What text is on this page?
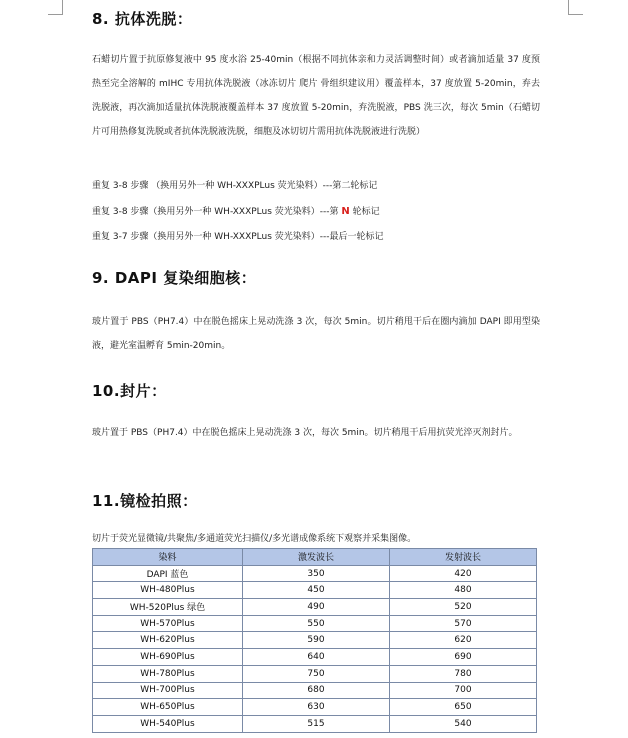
8. 抗体洗脱：

石蜡切片置于抗原修复液中 95 度水浴 25-40min（根据不同抗体亲和力灵活调整时间）或者滴加适量 37 度预热至完全溶解的 mIHC 专用抗体洗脱液（冰冻切片 爬片 骨组织建议用）覆盖样本，37 度放置 5-20min，弃去洗脱液，再次滴加适量抗体洗脱液覆盖样本 37 度放置 5-20min，弃洗脱液，PBS 洗三次，每次 5min（石蜡切片可用热修复洗脱或者抗体洗脱液洗脱，细胞及冰切切片需用抗体洗脱液进行洗脱）

重复 3-8 步骤 （换用另外一种 WH-XXXPLus 荧光染料）---第二轮标记
重复 3-8 步骤（换用另外一种 WH-XXXPLus 荧光染料）---第 N 轮标记
重复 3-7 步骤（换用另外一种 WH-XXXPLus 荧光染料）---最后一轮标记
9. DAPI 复染细胞核：

玻片置于 PBS（PH7.4）中在脱色摇床上晃动洗涤 3 次，每次 5min。切片稍甩干后在圈内滴加 DAPI 即用型染液，避光室温孵育 5min-20min。

10.封片：

玻片置于 PBS（PH7.4）中在脱色摇床上晃动洗涤 3 次，每次 5min。切片稍甩干后用抗荧光淬灭剂封片。

11.镜检拍照：
切片于荧光显微镜/共聚焦/多通道荧光扫描仪/多光谱成像系统下观察并采集图像。
染料	激发波长	发射波长
DAPI 蓝色	350	420
WH-480Plus	450	480
WH-520Plus 绿色	490	520
WH-570Plus	550	570
WH-620Plus	590	620
WH-690Plus	640	690
WH-780Plus	750	780
WH-700Plus	680	700
WH-650Plus	630	650
WH-540Plus	515	540
